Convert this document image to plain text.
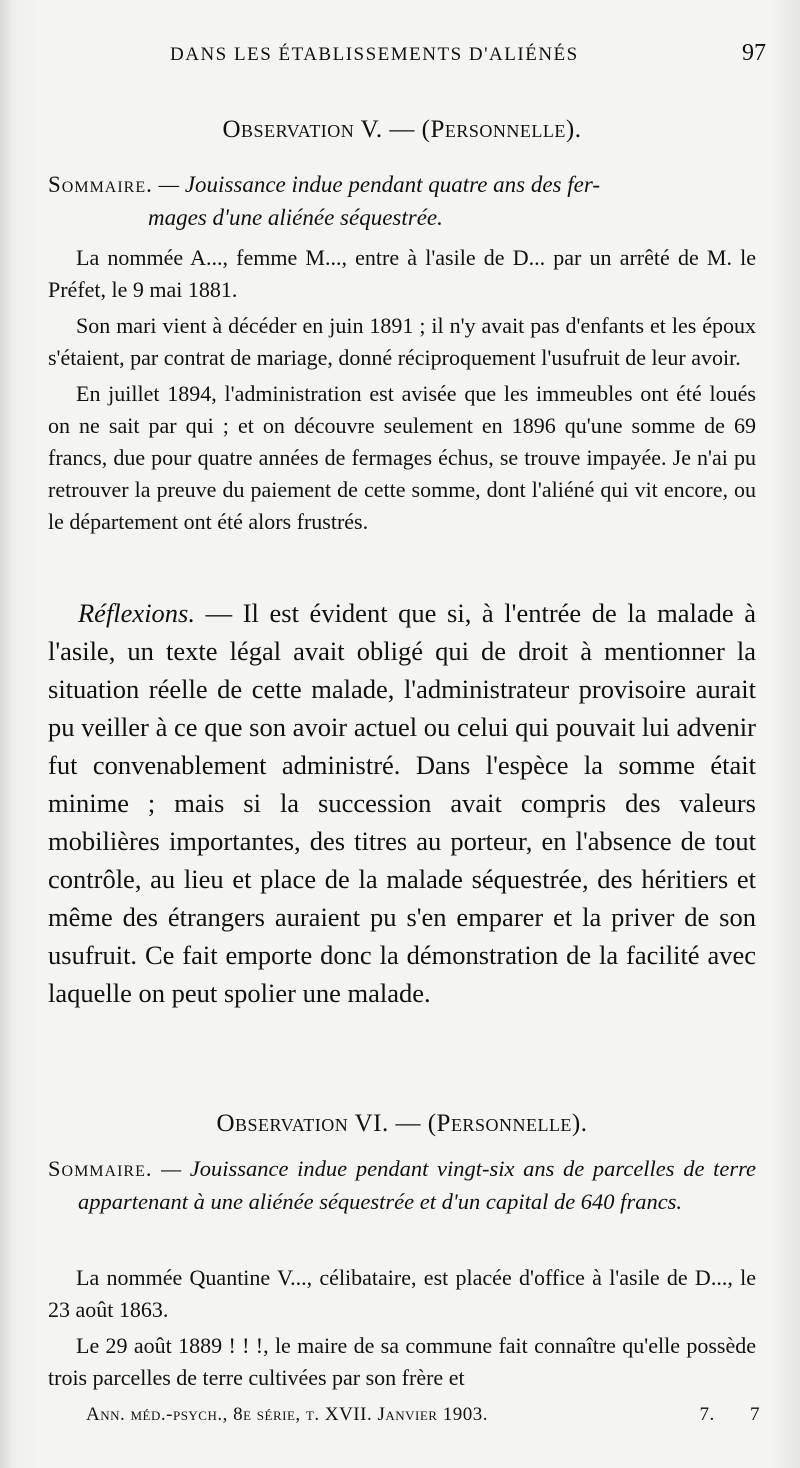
DANS LES ÉTABLISSEMENTS D'ALIÉNÉS	97
Observation V. — (Personnelle).

Sommaire. — Jouissance indue pendant quatre ans des fer-

mages d'une aliénée séquestrée.

La nommée A..., femme M..., entre à l'asile de D... par un arrêté de M. le Préfet, le 9 mai 1881.

Son mari vient à décéder en juin 1891 ; il n'y avait pas d'enfants et les époux s'étaient, par contrat de mariage, donné réciproquement l'usufruit de leur avoir.

En juillet 1894, l'administration est avisée que les immeubles ont été loués on ne sait par qui ; et on découvre seulement en 1896 qu'une somme de 69 francs, due pour quatre années de fermages échus, se trouve impayée. Je n'ai pu retrouver la preuve du paiement de cette somme, dont l'aliéné qui vit encore, ou le département ont été alors frustrés.

Réflexions. — Il est évident que si, à l'entrée de la malade à l'asile, un texte légal avait obligé qui de droit à mentionner la situation réelle de cette malade, l'administrateur provisoire aurait pu veiller à ce que son avoir actuel ou celui qui pouvait lui advenir fut convenablement administré. Dans l'espèce la somme était minime ; mais si la succession avait compris des valeurs mobilières importantes, des titres au porteur, en l'absence de tout contrôle, au lieu et place de la malade séquestrée, des héritiers et même des étrangers auraient pu s'en emparer et la priver de son usufruit. Ce fait emporte donc la démonstration de la facilité avec laquelle on peut spolier une malade.

Observation VI. — (Personnelle).

Sommaire. — Jouissance indue pendant vingt-six ans de parcelles de terre appartenant à une aliénée séquestrée et d'un capital de 640 francs.

La nommée Quantine V..., célibataire, est placée d'office à l'asile de D..., le 23 août 1863.

Le 29 août 1889 ! ! !, le maire de sa commune fait connaître qu'elle possède trois parcelles de terre cultivées par son frère et

Ann. méd.-psych., 8e série, t. XVII. Janvier 1903.	7. 7
